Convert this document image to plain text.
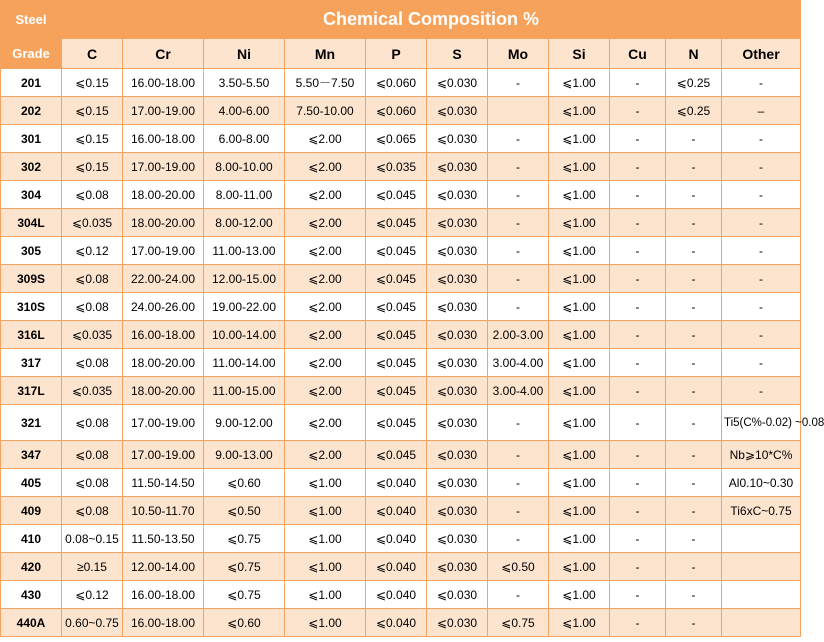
Steel	Chemical Composition %										
Grade	C	Cr	Ni	Mn	P	S	Mo	Si	Cu	N	Other
201	⩽0.15	16.00-18.00	3.50-5.50	5.50－7.50	⩽0.060	⩽0.030	-	⩽1.00	-	⩽0.25	-
202	⩽0.15	17.00-19.00	4.00-6.00	7.50-10.00	⩽0.060	⩽0.030		⩽1.00	-	⩽0.25	–
301	⩽0.15	16.00-18.00	6.00-8.00	⩽2.00	⩽0.065	⩽0.030	-	⩽1.00	-	-	-
302	⩽0.15	17.00-19.00	8.00-10.00	⩽2.00	⩽0.035	⩽0.030	-	⩽1.00	-	-	-
304	⩽0.08	18.00-20.00	8.00-11.00	⩽2.00	⩽0.045	⩽0.030	-	⩽1.00	-	-	-
304L	⩽0.035	18.00-20.00	8.00-12.00	⩽2.00	⩽0.045	⩽0.030	-	⩽1.00	-	-	-
305	⩽0.12	17.00-19.00	11.00-13.00	⩽2.00	⩽0.045	⩽0.030	-	⩽1.00	-	-	-
309S	⩽0.08	22.00-24.00	12.00-15.00	⩽2.00	⩽0.045	⩽0.030	-	⩽1.00	-	-	-
310S	⩽0.08	24.00-26.00	19.00-22.00	⩽2.00	⩽0.045	⩽0.030	-	⩽1.00	-	-	-
316L	⩽0.035	16.00-18.00	10.00-14.00	⩽2.00	⩽0.045	⩽0.030	2.00-3.00	⩽1.00	-	-	-
317	⩽0.08	18.00-20.00	11.00-14.00	⩽2.00	⩽0.045	⩽0.030	3.00-4.00	⩽1.00	-	-	-
317L	⩽0.035	18.00-20.00	11.00-15.00	⩽2.00	⩽0.045	⩽0.030	3.00-4.00	⩽1.00	-	-	-
321	⩽0.08	17.00-19.00	9.00-12.00	⩽2.00	⩽0.045	⩽0.030	-	⩽1.00	-	-	Ti5(C%-0.02) ~0.08
347	⩽0.08	17.00-19.00	9.00-13.00	⩽2.00	⩽0.045	⩽0.030	-	⩽1.00	-	-	Nb⩾10*C%
405	⩽0.08	11.50-14.50	⩽0.60	⩽1.00	⩽0.040	⩽0.030	-	⩽1.00	-	-	Al0.10~0.30
409	⩽0.08	10.50-11.70	⩽0.50	⩽1.00	⩽0.040	⩽0.030	-	⩽1.00	-	-	Ti6xC~0.75
410	0.08~0.15	11.50-13.50	⩽0.75	⩽1.00	⩽0.040	⩽0.030	-	⩽1.00	-	-	
420	≥0.15	12.00-14.00	⩽0.75	⩽1.00	⩽0.040	⩽0.030	⩽0.50	⩽1.00	-	-	
430	⩽0.12	16.00-18.00	⩽0.75	⩽1.00	⩽0.040	⩽0.030	-	⩽1.00	-	-	
440A	0.60~0.75	16.00-18.00	⩽0.60	⩽1.00	⩽0.040	⩽0.030	⩽0.75	⩽1.00	-	-	
